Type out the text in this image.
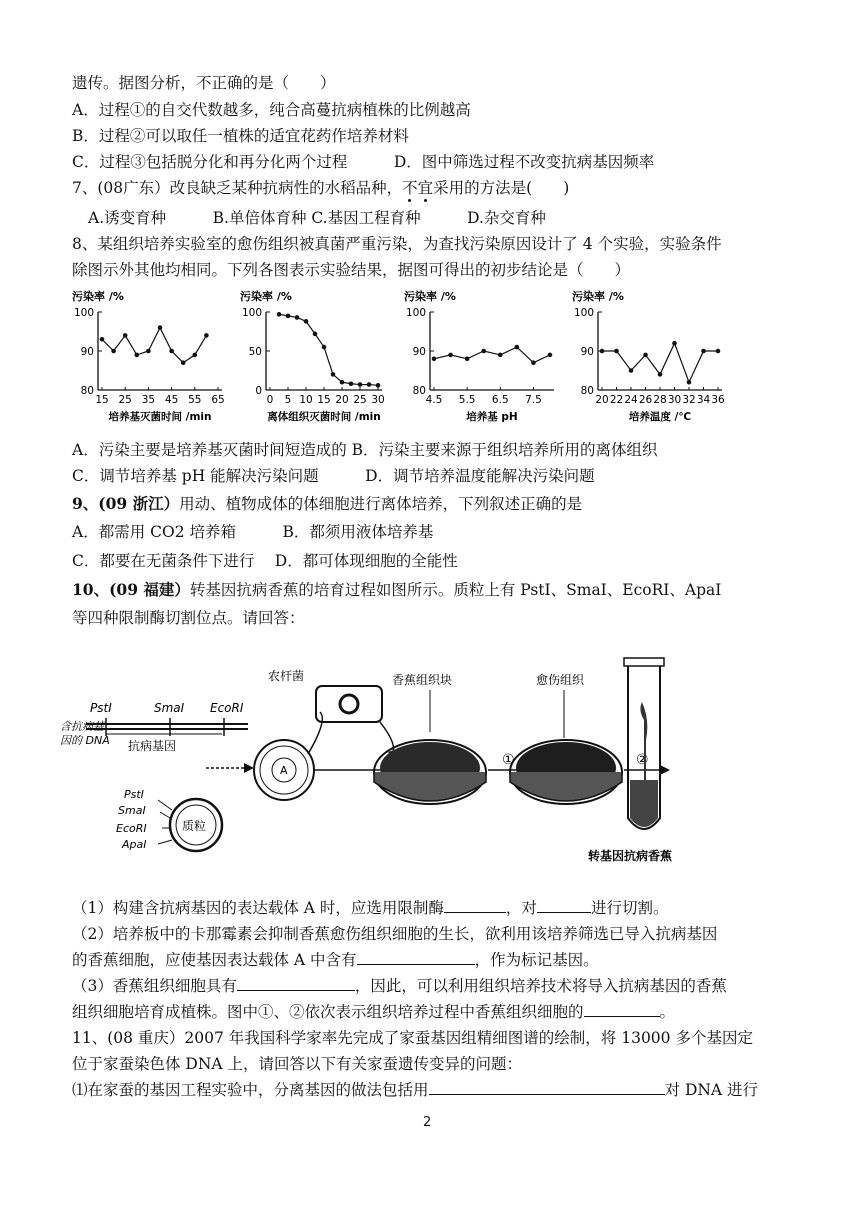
遗传。据图分析，不正确的是（　　）
A．过程①的自交代数越多，纯合高蔓抗病植株的比例越高
B．过程②可以取任一植株的适宜花药作培养材料
C．过程③包括脱分化和再分化两个过程　　　D．图中筛选过程不改变抗病基因频率
7、(08广东）改良缺乏某种抗病性的水稻品种，不宜采用的方法是(　　)
A.诱变育种　　　B.单倍体育种 C.基因工程育种　　　D.杂交育种
8、某组织培养实验室的愈伤组织被真菌严重污染，为查找污染原因设计了 4 个实验，实验条件
除图示外其他均相同。下列各图表示实验结果，据图可得出的初步结论是（　　）
污染率 /%
80
90
100
15 25 35 45 55 65
培养基灭菌时间 /min
污染率 /%
0
50
100
0 5 10 15 20 25 30
离体组织灭菌时间 /min
污染率 /%
80
90
100
4.5 5.5 6.5 7.5
培养基 pH
污染率 /%
80
90
100
20 22 24 26 28 30 32 34 36
培养温度 /℃
A．污染主要是培养基灭菌时间短造成的 B．污染主要来源于组织培养所用的离体组织
C．调节培养基 pH 能解决污染问题　　　D．调节培养温度能解决污染问题
9、(09 浙江）用动、植物成体的体细胞进行离体培养，下列叙述正确的是
A．都需用 CO2 培养箱　　　B．都须用液体培养基
C．都要在无菌条件下进行　 D．都可体现细胞的全能性
10、(09 福建）转基因抗病香蕉的培育过程如图所示。质粒上有 PstⅠ、SmaⅠ、EcoRⅠ、ApaⅠ
等四种限制酶切割位点。请回答：
含抗病基
因的 DNA
PstⅠ	SmaⅠ EcoRⅠ
抗病基因
质粒
PstⅠ
SmaⅠ
EcoRⅠ
ApaⅠ
A
农杆菌	香蕉组织块
①
愈伤组织
②
转基因抗病香蕉
（1）构建含抗病基因的表达载体 A 时，应选用限制酶	，对	进行切割。
（2）培养板中的卡那霉素会抑制香蕉愈伤组织细胞的生长，欲利用该培养筛选已导入抗病基因
的香蕉细胞，应使基因表达载体 A 中含有	，作为标记基因。
（3）香蕉组织细胞具有	，因此，可以利用组织培养技术将导入抗病基因的香蕉
组织细胞培育成植株。图中①、②依次表示组织培养过程中香蕉组织细胞的	。
11、(08 重庆）2007 年我国科学家率先完成了家蚕基因组精细图谱的绘制，将 13000 多个基因定
位于家蚕染色体 DNA 上，请回答以下有关家蚕遗传变异的问题：
⑴在家蚕的基因工程实验中，分离基因的做法包括用	对 DNA 进行
2
